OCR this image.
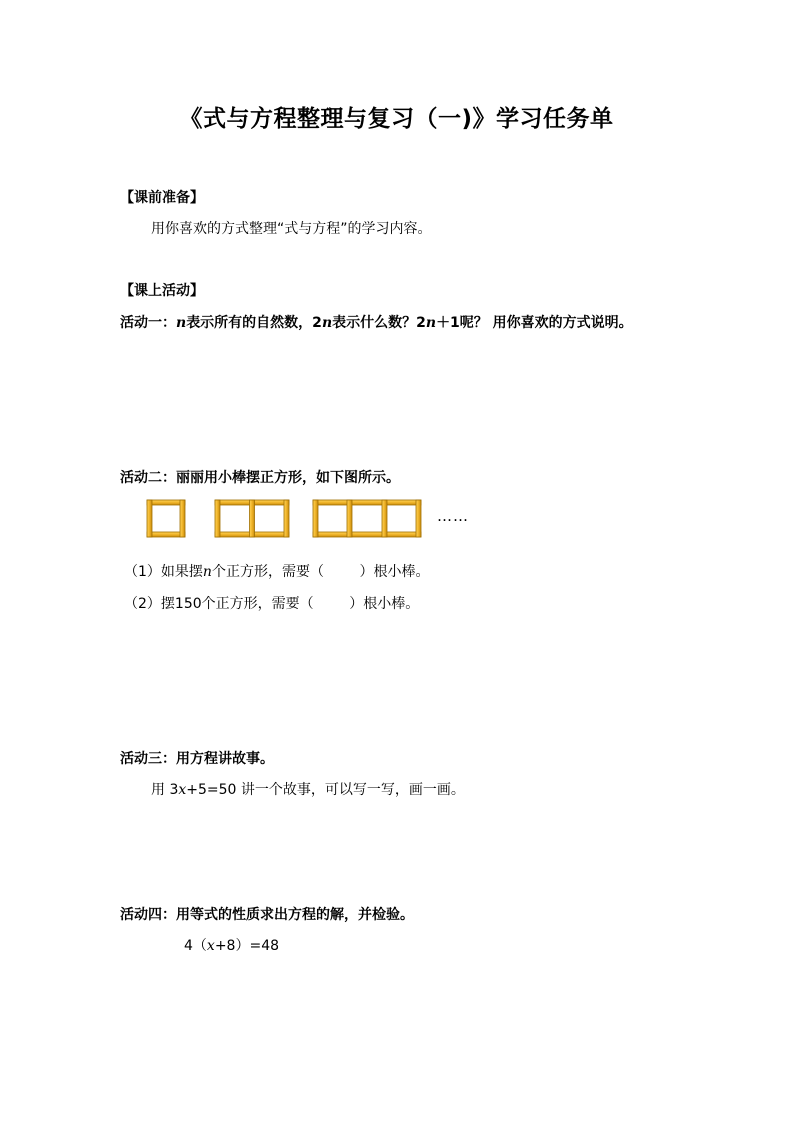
《式与方程整理与复习（一)》学习任务单
【课前准备】
用你喜欢的方式整理“式与方程”的学习内容。
【课上活动】
活动一：n表示所有的自然数，2n表示什么数？2n＋1呢？ 用你喜欢的方式说明。
活动二：丽丽用小棒摆正方形，如下图所示。
……
（1）如果摆n个正方形，需要（        ）根小棒。
（2）摆150个正方形，需要（        ）根小棒。
活动三：用方程讲故事。
用 3x+5=50 讲一个故事，可以写一写，画一画。
活动四：用等式的性质求出方程的解，并检验。
4（x+8）=48
